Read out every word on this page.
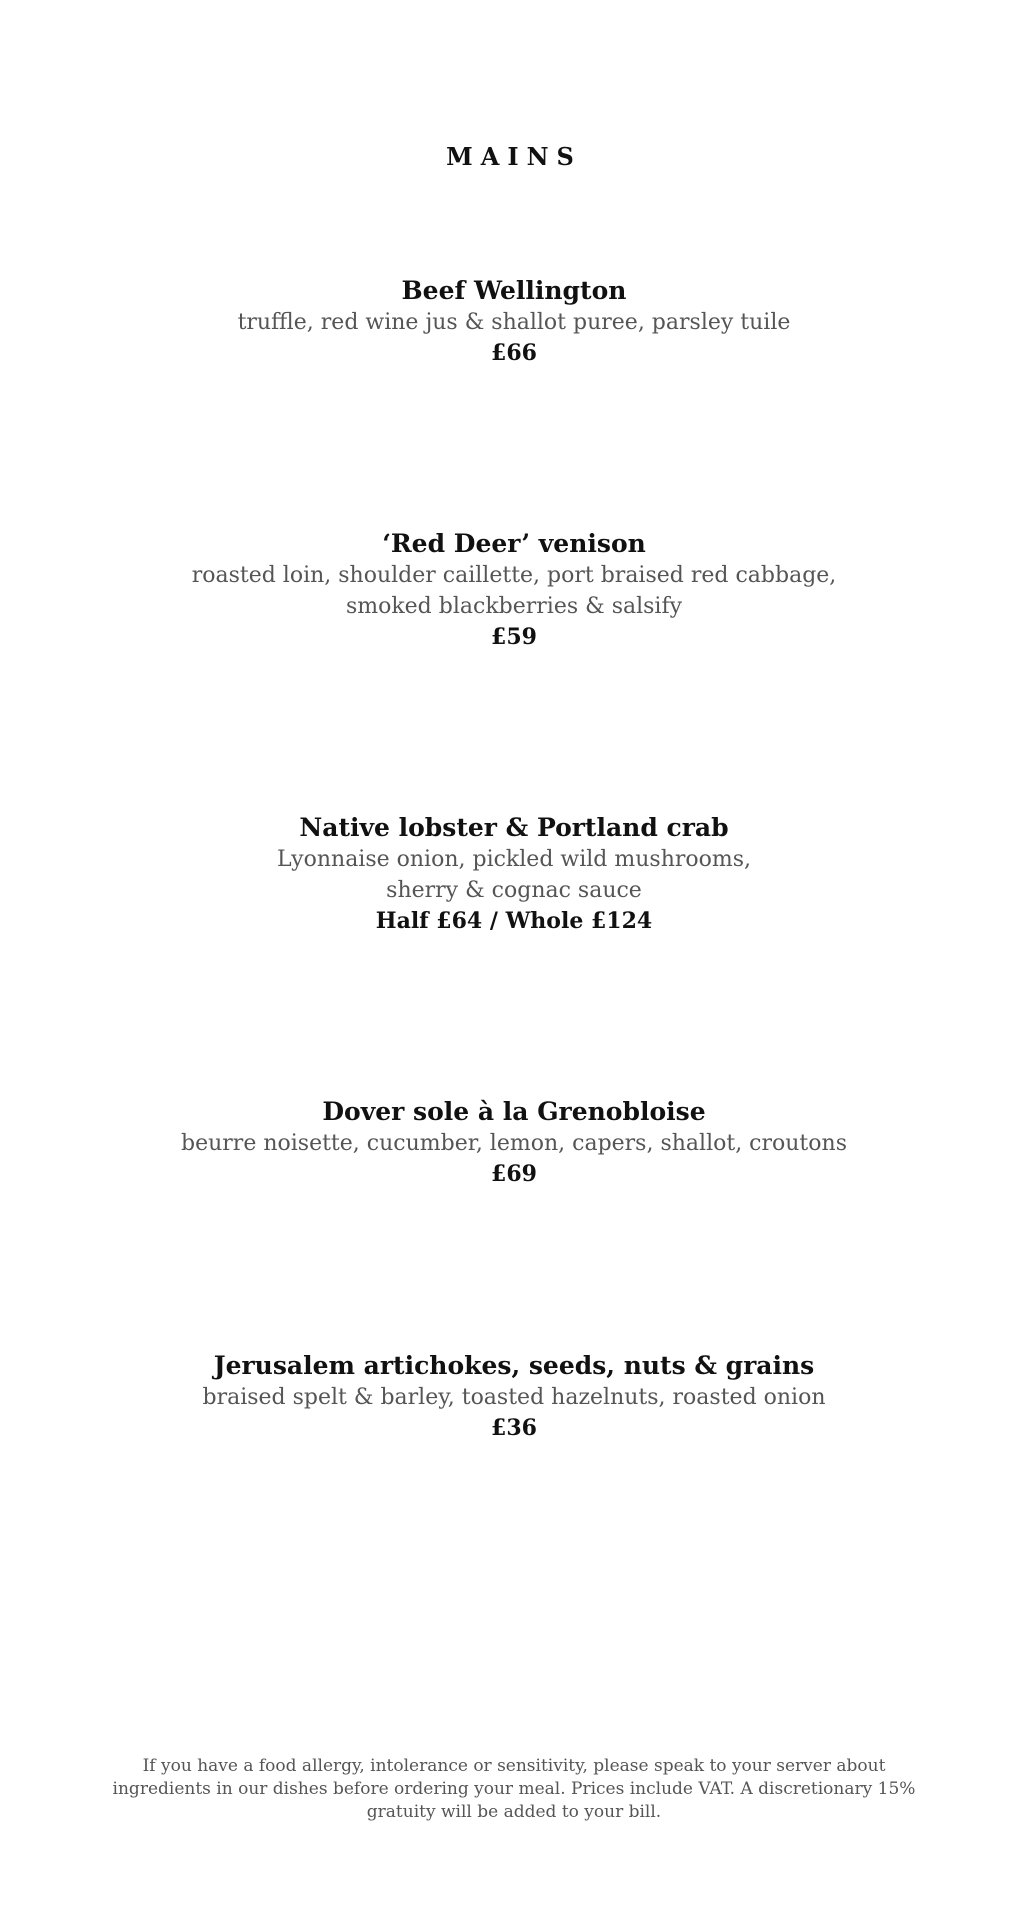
MAINS
Beef Wellington
truffle, red wine jus & shallot puree, parsley tuile
£66
‘Red Deer’ venison
roasted loin, shoulder caillette, port braised red cabbage,
smoked blackberries & salsify
£59
Native lobster & Portland crab
Lyonnaise onion, pickled wild mushrooms,
sherry & cognac sauce
Half £64 / Whole £124
Dover sole à la Grenobloise
beurre noisette, cucumber, lemon, capers, shallot, croutons
£69
Jerusalem artichokes, seeds, nuts & grains
braised spelt & barley, toasted hazelnuts, roasted onion
£36
If you have a food allergy, intolerance or sensitivity, please speak to your server about
ingredients in our dishes before ordering your meal. Prices include VAT. A discretionary 15%
gratuity will be added to your bill.
